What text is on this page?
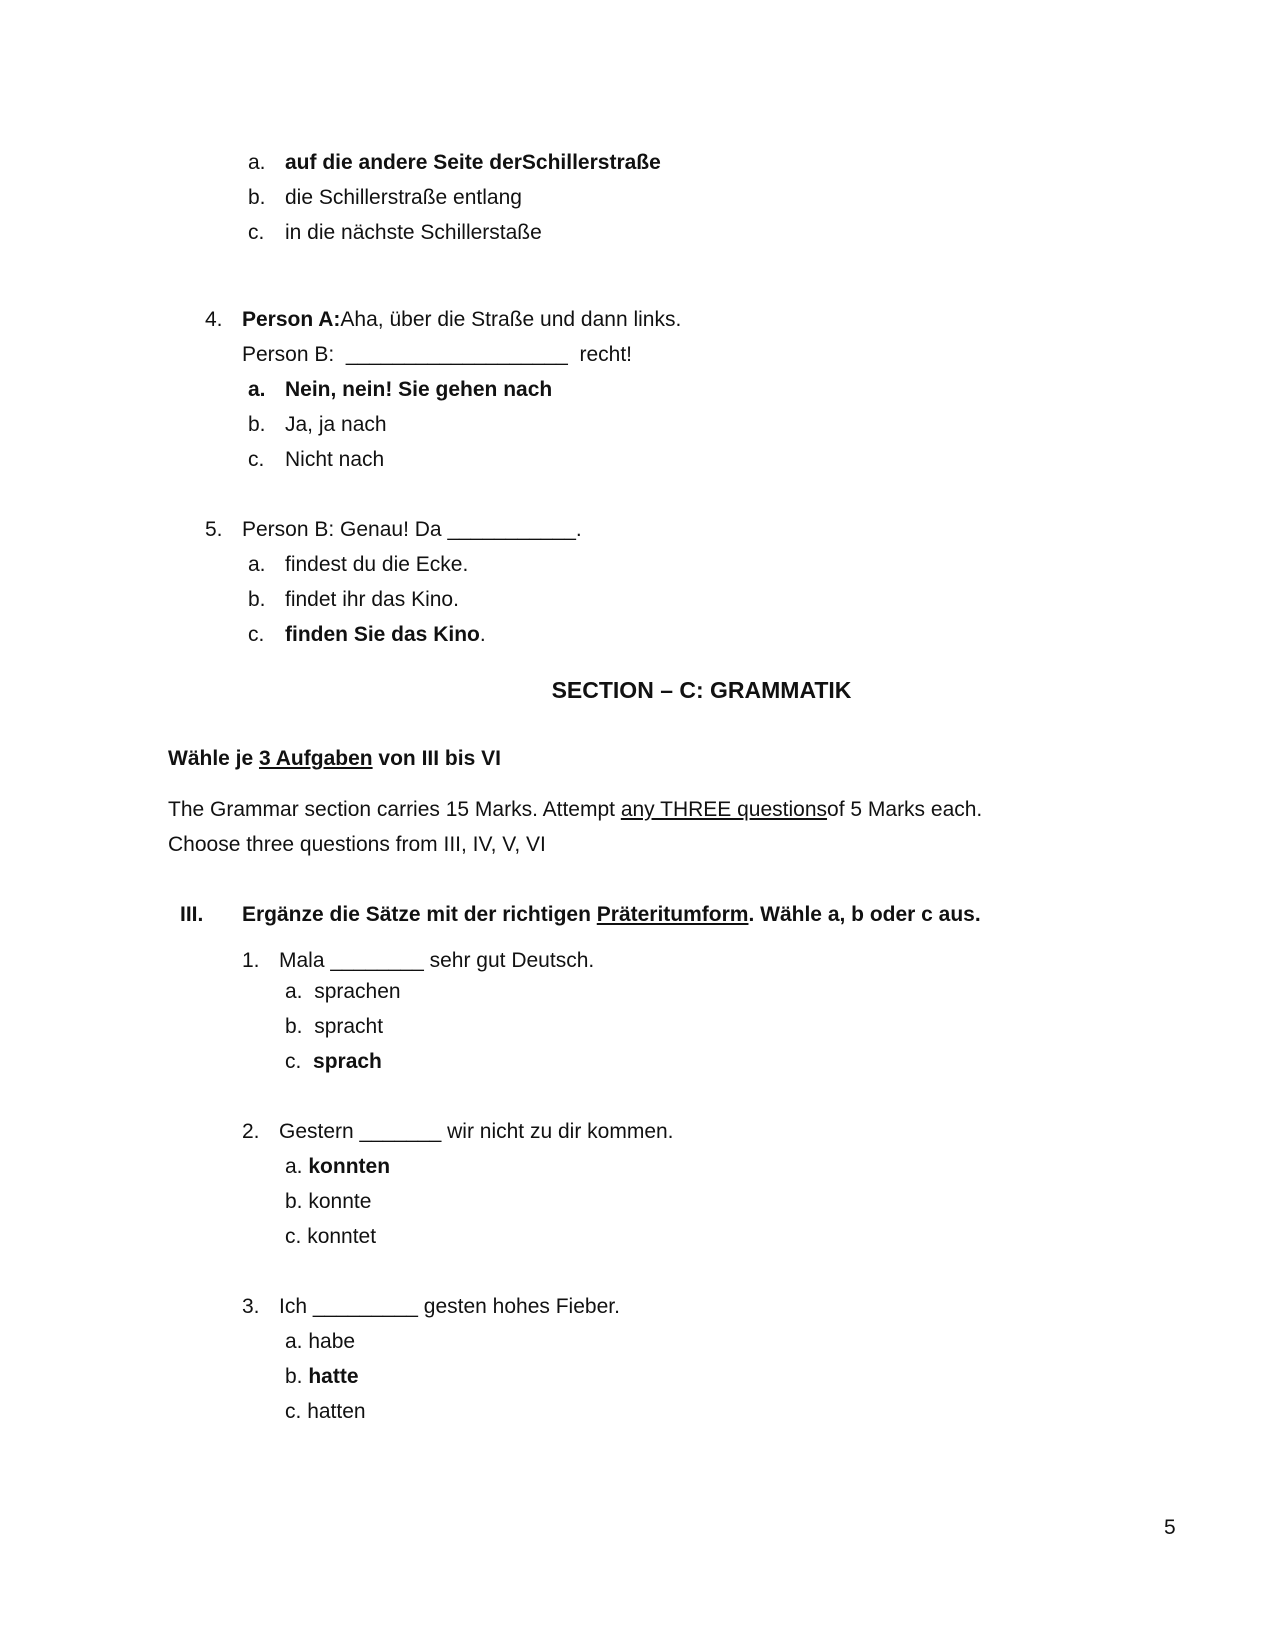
a. auf die andere Seite derSchillerstraße
b. die Schillerstraße entlang
c. in die nächste Schillerstaße
4. Person A:Aha, über die Straße und dann links.
Person B: ___________________ recht!
a. Nein, nein! Sie gehen nach
b. Ja, ja nach
c. Nicht nach
5. Person B: Genau! Da ___________.
a. findest du die Ecke.
b. findet ihr das Kino.
c. finden Sie das Kino.
SECTION – C: GRAMMATIK
Wähle je 3 Aufgaben von III bis VI
The Grammar section carries 15 Marks. Attempt any THREE questionsof 5 Marks each.
Choose three questions from III, IV, V, VI
III. Ergänze die Sätze mit der richtigen Präteritumform. Wähle a, b oder c aus.
1. Mala ________ sehr gut Deutsch.
a. sprachen
b. spracht
c. sprach
2. Gestern _______ wir nicht zu dir kommen.
a. konnten
b. konnte
c. konntet
3. Ich _________ gesten hohes Fieber.
a. habe
b. hatte
c. hatten
5
